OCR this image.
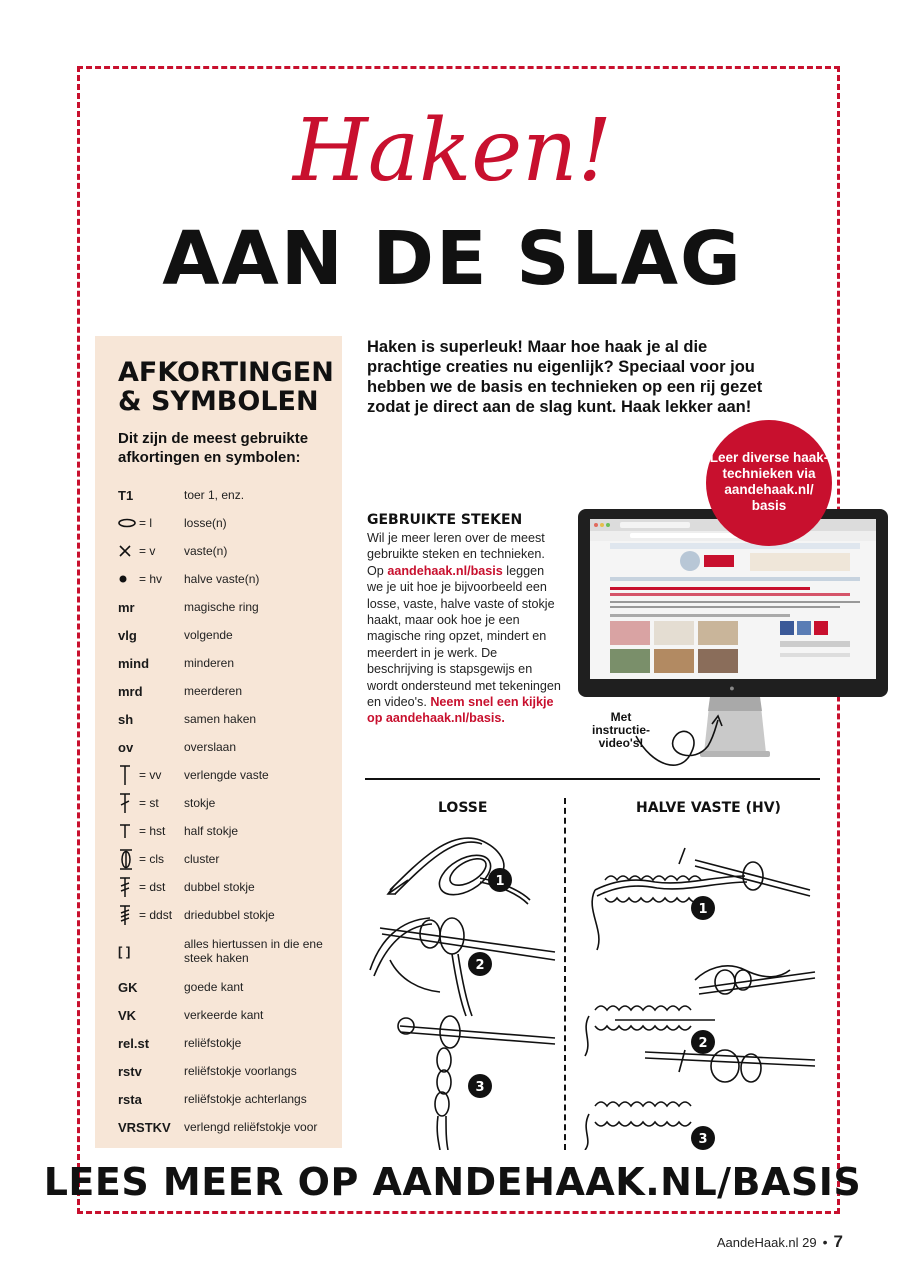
Haken!
AAN DE SLAG
AFKORTINGEN
& SYMBOLEN
Dit zijn de meest gebruikte afkortingen en symbolen:
T1	toer 1, enz.
= l	losse(n)
= v vaste(n)
= hv halve vaste(n)
mr	magische ring
vlg	volgende
mind	minderen
mrd	meerderen
sh	samen haken
ov	overslaan
= vv verlengde vaste
= st stokje
= hst half stokje
= cls cluster
= dst dubbel stokje
= ddst driedubbel stokje
[ ]	alles hiertussen in die ene steek haken
GK	goede kant
VK	verkeerde kant
rel.st	reliëfstokje
rstv	reliëfstokje voorlangs
rsta	reliëfstokje achterlangs
VRSTKV verlengd reliëfstokje voor
Haken is superleuk! Maar hoe haak je al die prachtige creaties nu eigenlijk? Speciaal voor jou hebben we de basis en technieken op een rij gezet zodat je direct aan de slag kunt. Haak lekker aan!
GEBRUIKTE STEKEN
Wil je meer leren over de meest gebruikte steken en technieken. Op aandehaak.nl/basis leggen we je uit hoe je bijvoorbeeld een losse, vaste, halve vaste of stokje haakt, maar ook hoe je een magische ring opzet, mindert en meerdert in je werk. De beschrijving is stapsgewijs en wordt ondersteund met tekeningen en video's. Neem snel een kijkje op aandehaak.nl/basis.
●
Leer diverse haak-technieken via aandehaak.nl/ basis
Met instructie-video's!
LOSSE	HALVE VASTE (HV)
1
2
3
1
2
3
LEES MEER OP AANDEHAAK.NL/BASIS
AandeHaak.nl 29 • 7
